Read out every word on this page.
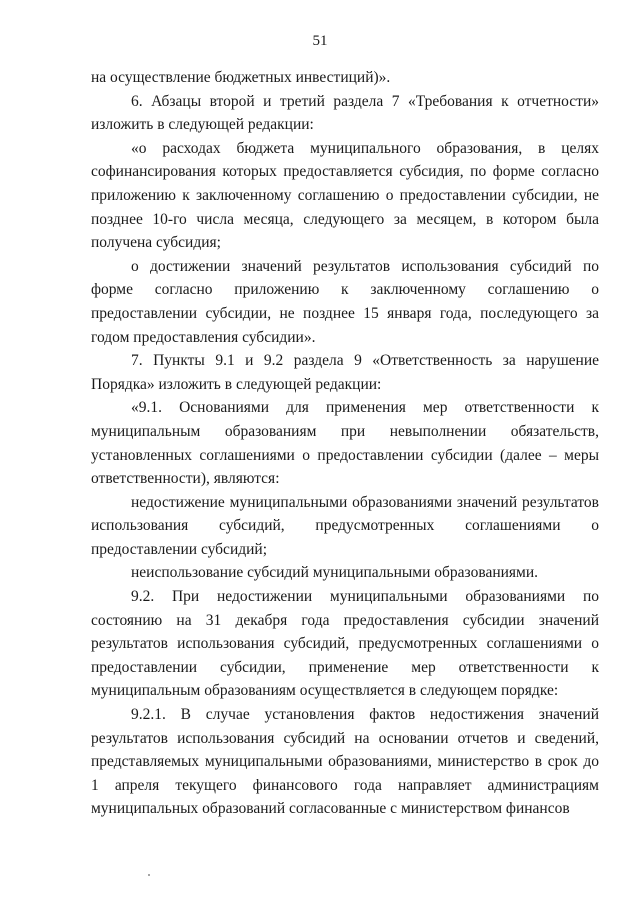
51

на осуществление бюджетных инвестиций)».

6. Абзацы второй и третий раздела 7 «Требования к отчетности» изложить в следующей редакции:

«о расходах бюджета муниципального образования, в целях софинансирования которых предоставляется субсидия, по форме согласно приложению к заключенному соглашению о предоставлении субсидии, не позднее 10-го числа месяца, следующего за месяцем, в котором была получена субсидия;

о достижении значений результатов использования субсидий по форме согласно приложению к заключенному соглашению о предоставлении субсидии, не позднее 15 января года, последующего за годом предоставления субсидии».

7. Пункты 9.1 и 9.2 раздела 9 «Ответственность за нарушение Порядка» изложить в следующей редакции:

«9.1. Основаниями для применения мер ответственности к муниципальным образованиям при невыполнении обязательств, установленных соглашениями о предоставлении субсидии (далее – меры ответственности), являются:

недостижение муниципальными образованиями значений результатов использования субсидий, предусмотренных соглашениями о предоставлении субсидий;

неиспользование субсидий муниципальными образованиями.

9.2. При недостижении муниципальными образованиями по состоянию на 31 декабря года предоставления субсидии значений результатов использования субсидий, предусмотренных соглашениями о предоставлении субсидии, применение мер ответственности к муниципальным образованиям осуществляется в следующем порядке:

9.2.1. В случае установления фактов недостижения значений результатов использования субсидий на основании отчетов и сведений, представляемых муниципальными образованиями, министерство в срок до 1 апреля текущего финансового года направляет администрациям муниципальных образований согласованные с министерством финансов
